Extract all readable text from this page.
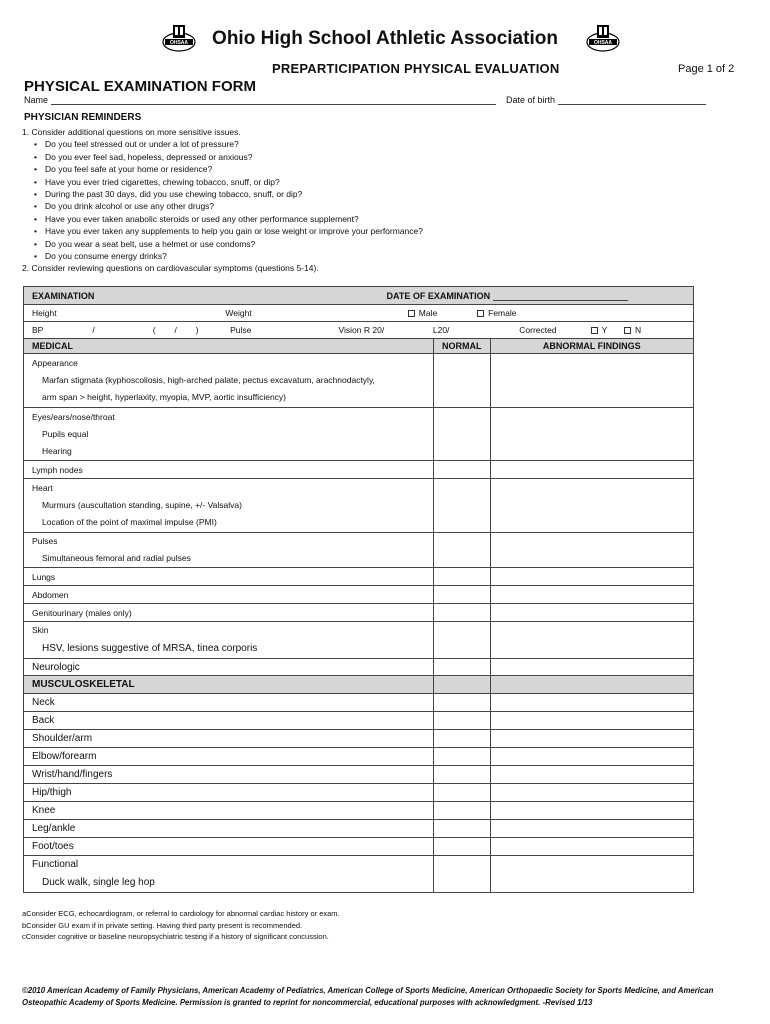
OHSAA	OHSAA
Ohio High School Athletic Association
PREPARTICIPATION PHYSICAL EVALUATION	Page 1 of 2
PHYSICAL EXAMINATION FORM
Name	Date of birth
PHYSICIAN REMINDERS
1. Consider additional questions on more sensitive issues.
• Do you feel stressed out or under a lot of pressure?
• Do you ever feel sad, hopeless, depressed or anxious?
• Do you feel safe at your home or residence?
• Have you ever tried cigarettes, chewing tobacco, snuff, or dip?
• During the past 30 days, did you use chewing tobacco, snuff, or dip?
• Do you drink alcohol or use any other drugs?
• Have you ever taken anabolic steroids or used any other performance supplement?
• Have you ever taken any supplements to help you gain or lose weight or improve your performance?
• Do you wear a seat belt, use a helmet or use condoms?
• Do you consume energy drinks?
2. Consider reviewing questions on cardiovascular symptoms (questions 5-14).
EXAMINATION DATE OF EXAMINATION		
Height Weight Male Female		
BP / (        /        ) Pulse Vision R 20/ L20/ Corrected Y N		
MEDICAL	NORMAL	ABNORMAL FINDINGS

Appearance
Marfan stigmata (kyphoscoliosis, high-arched palate, pectus excavatum, arachnodactyly,
arm span > height, hyperlaxity, myopia, MVP, aortic insufficiency)		

Eyes/ears/nose/throat
Pupils equal
Hearing		

Lymph nodes		

Heart
Murmurs (auscultation standing, supine, +/- Valsalva)
Location of the point of maximal impulse (PMI)		

Pulses
Simultaneous femoral and radial pulses		

Lungs		
Abdomen		
Genitourinary (males only)		

Skin
HSV, lesions suggestive of MRSA, tinea corporis		

Neurologic		
MUSCULOSKELETAL		
Neck		
Back		
Shoulder/arm		
Elbow/forearm		
Wrist/hand/fingers		
Hip/thigh		
Knee		
Leg/ankle		
Foot/toes		

Functional
Duck walk, single leg hop		

aConsider ECG, echocardiogram, or referral to cardiology for abnormal cardiac history or exam.
bConsider GU exam if in private setting. Having third party present is recommended.
cConsider cognitive or baseline neuropsychiatric testing if a history of significant concussion.
©2010 American Academy of Family Physicians, American Academy of Pediatrics, American College of Sports Medicine, American Orthopaedic Society for Sports Medicine, and American Osteopathic Academy of Sports Medicine. Permission is granted to reprint for noncommercial, educational purposes with acknowledgment. -Revised 1/13
